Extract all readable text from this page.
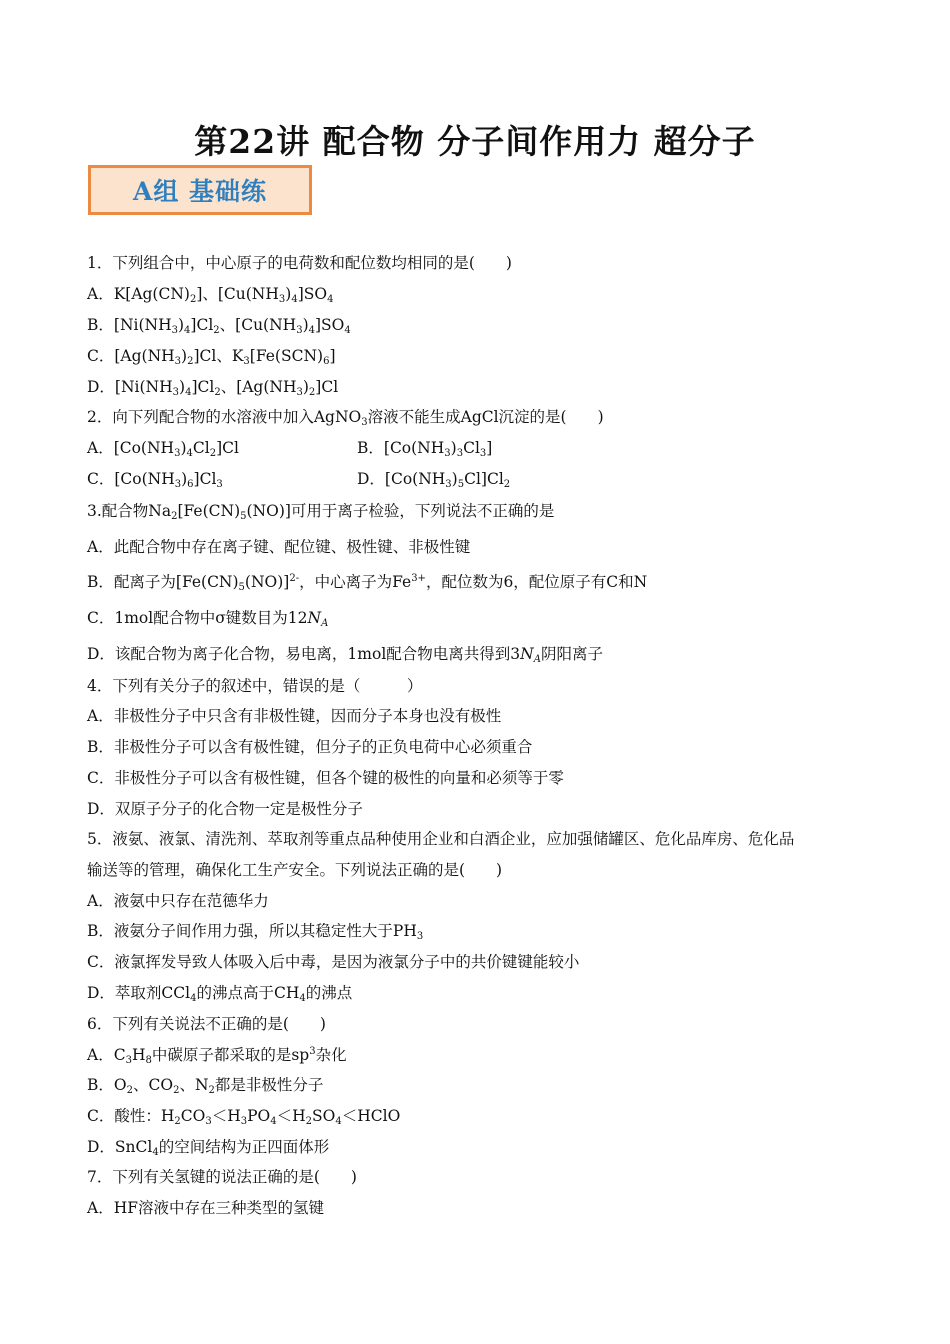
第22讲 配合物 分子间作用力 超分子
A组 基础练
1．下列组合中，中心原子的电荷数和配位数均相同的是(　　)
A．$K[Ag(CN)_2]$、$[Cu(NH_3)_4]SO_4$
B．$[Ni(NH_3)_4]Cl_2$、$[Cu(NH_3)_4]SO_4$
C．$[Ag(NH_3)_2]Cl$、$K_3[Fe(SCN)_6]$
D．$[Ni(NH_3)_4]Cl_2$、$[Ag(NH_3)_2]Cl$
2．向下列配合物的水溶液中加入AgNO$_3$溶液不能生成AgCl沉淀的是(　　)
A．$[Co(NH_3)_4Cl_2]Cl$	B．$[Co(NH_3)_3Cl_3]$
C．$[Co(NH_3)_6]Cl_3$	D．$[Co(NH_3)_5Cl]Cl_2$
3.配合物$Na_2[Fe(CN)_5(NO)]$可用于离子检验，下列说法不正确的是
A．此配合物中存在离子键、配位键、极性键、非极性键
B．配离子为$[Fe(CN)_5(NO)]^{2-}$，中心离子为$Fe^{3+}$，配位数为6，配位原子有C和N
C．1mol配合物中σ键数目为$12N_A$
D．该配合物为离子化合物，易电离，1mol配合物电离共得到$3N_A$阴阳离子
4．下列有关分子的叙述中，错误的是（　　　）
A．非极性分子中只含有非极性键，因而分子本身也没有极性
B．非极性分子可以含有极性键，但分子的正负电荷中心必须重合
C．非极性分子可以含有极性键，但各个键的极性的向量和必须等于零
D．双原子分子的化合物一定是极性分子
5．液氨、液氯、清洗剂、萃取剂等重点品种使用企业和白酒企业，应加强储罐区、危化品库房、危化品
输送等的管理，确保化工生产安全。下列说法正确的是(　　)
A．液氨中只存在范德华力
B．液氨分子间作用力强，所以其稳定性大于$PH_3$
C．液氯挥发导致人体吸入后中毒，是因为液氯分子中的共价键键能较小
D．萃取剂CCl$_4$的沸点高于$CH_4$的沸点
6．下列有关说法不正确的是(　　)
A．$C_3H_8$中碳原子都采取的是$sp^3$杂化
B．$O_2$、$CO_2$、$N_2$都是非极性分子
C．酸性：$H_2CO_3<H_3PO_4<H_2SO_4<HClO$
D．SnCl$_4$的空间结构为正四面体形
7．下列有关氢键的说法正确的是(　　)
A．HF溶液中存在三种类型的氢键
